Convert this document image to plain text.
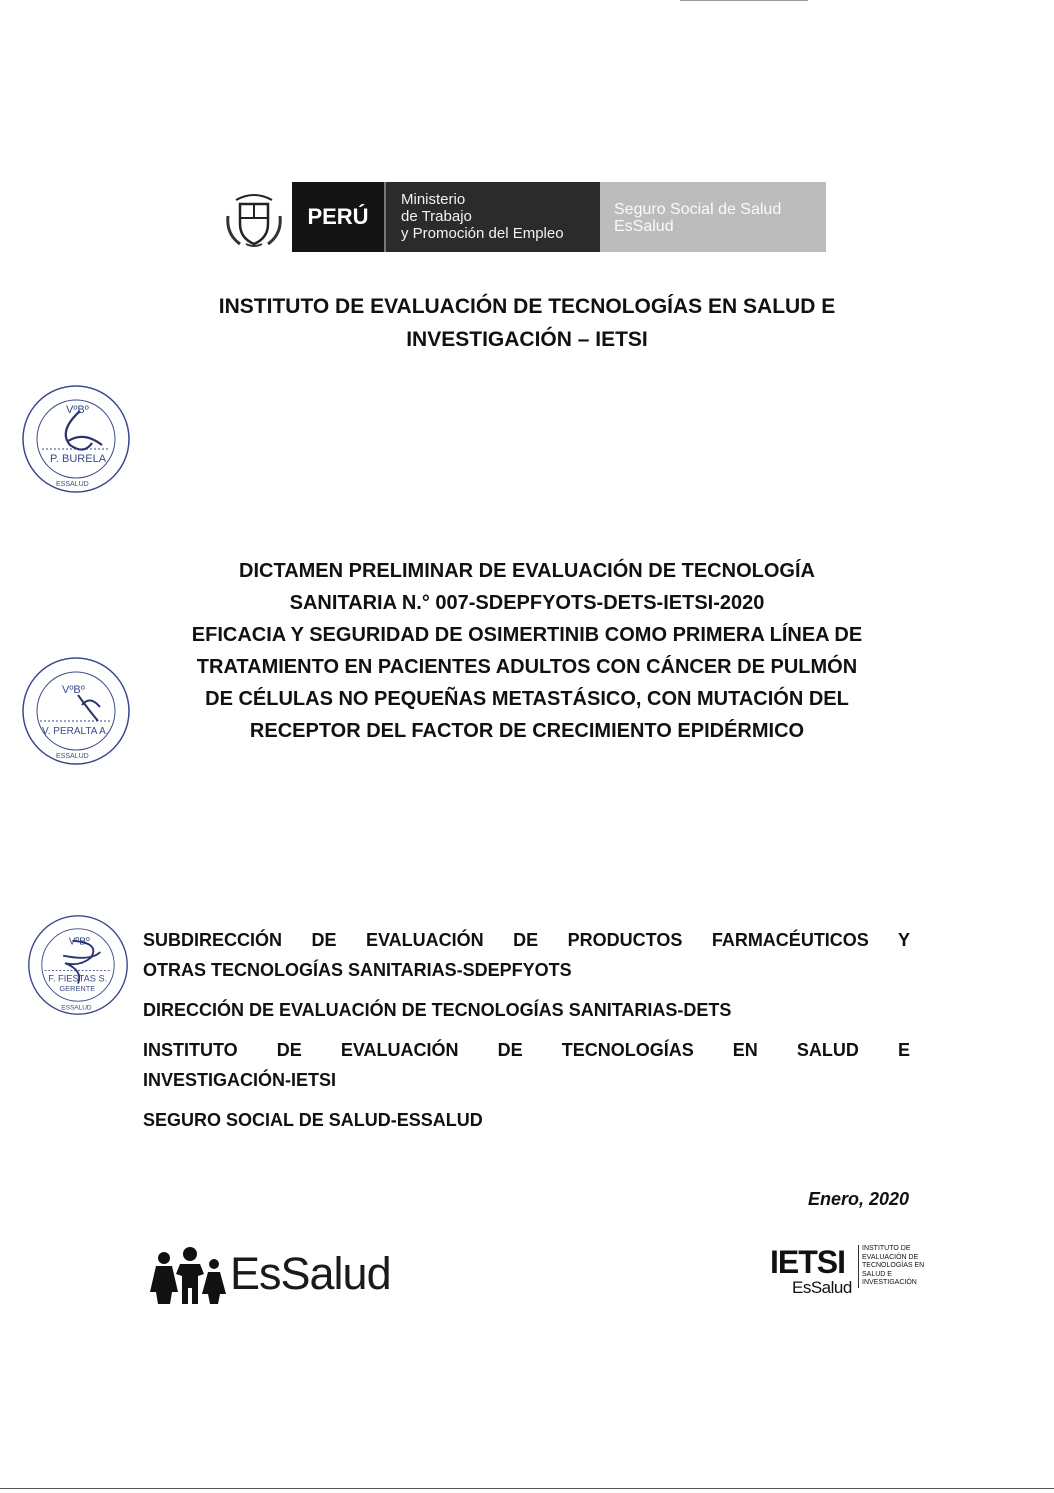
PERÚ
Ministerio
de Trabajo
y Promoción del Empleo
Seguro Social de Salud
EsSalud
INSTITUTO DE EVALUACIÓN DE TECNOLOGÍAS EN SALUD E
INVESTIGACIÓN – IETSI
VºBº
P. BURELA
ESSALUD
VºBº
V. PERALTA A.
ESSALUD
VºBº
F. FIESTAS S.
GERENTE
ESSALUD
DICTAMEN PRELIMINAR DE EVALUACIÓN DE TECNOLOGÍA
SANITARIA N.° 007-SDEPFYOTS-DETS-IETSI-2020
EFICACIA Y SEGURIDAD DE OSIMERTINIB COMO PRIMERA LÍNEA DE
TRATAMIENTO EN PACIENTES ADULTOS CON CÁNCER DE PULMÓN
DE CÉLULAS NO PEQUEÑAS METASTÁSICO, CON MUTACIÓN DEL
RECEPTOR DEL FACTOR DE CRECIMIENTO EPIDÉRMICO
SUBDIRECCIÓN DE EVALUACIÓN DE PRODUCTOS FARMACÉUTICOS Y
OTRAS TECNOLOGÍAS SANITARIAS-SDEPFYOTS
DIRECCIÓN DE EVALUACIÓN DE TECNOLOGÍAS SANITARIAS-DETS
INSTITUTO DE EVALUACIÓN DE TECNOLOGÍAS EN SALUD E
INVESTIGACIÓN-IETSI
SEGURO SOCIAL DE SALUD-ESSALUD
Enero, 2020
EsSalud	IETSI
EsSalud
INSTITUTO DE
EVALUACIÓN DE
TECNOLOGÍAS EN
SALUD E
INVESTIGACIÓN
